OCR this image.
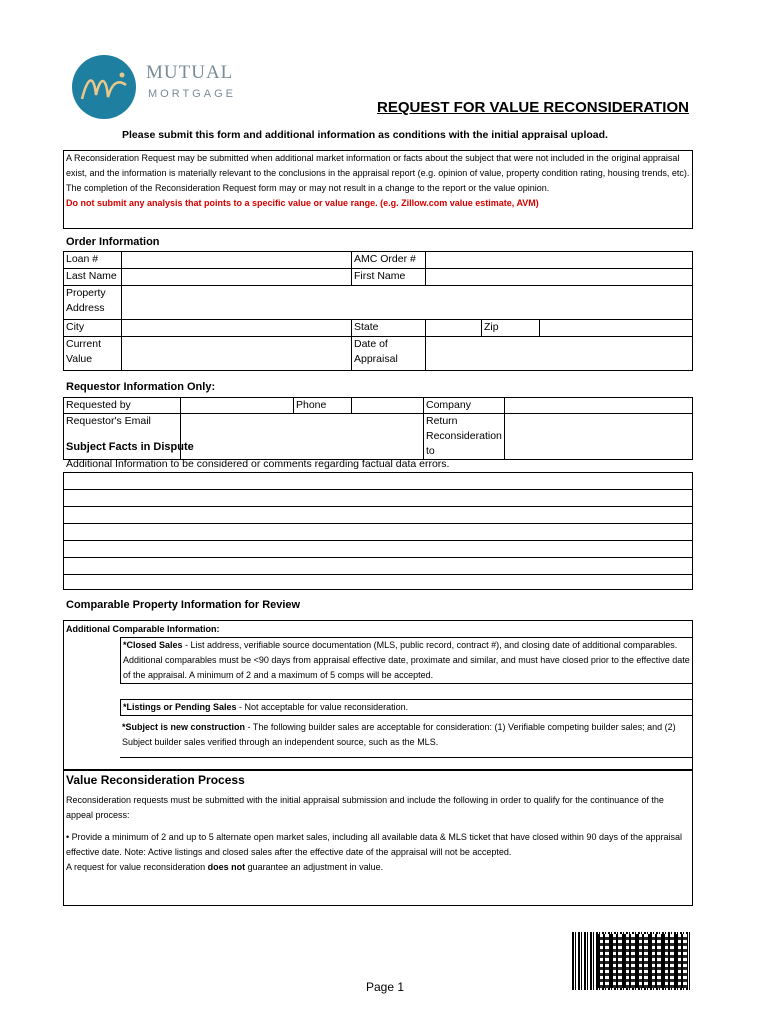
MUTUAL
MORTGAGE
REQUEST FOR VALUE RECONSIDERATION
Please submit this form and additional information as conditions with the initial appraisal upload.
A Reconsideration Request may be submitted when additional market information or facts about the subject that were not included in the original appraisal exist, and the information is materially relevant to the conclusions in the appraisal report (e.g. opinion of value, property condition rating, housing trends, etc). The completion of the Reconsideration Request form may or may not result in a change to the report or the value opinion.
Do not submit any analysis that points to a specific value or value range. (e.g. Zillow.com value estimate, AVM)
Order Information
Loan #		AMC Order #			
Last Name		First Name			
Property Address					
City		State		Zip	
Current Value		Date of Appraisal			
Requestor Information Only:
Requested by		Phone		Company	
Requestor's Email				Return Reconsideration to	
Subject Facts in Dispute
Additional Information to be considered or comments regarding factual data errors.
Comparable Property Information for Review
Additional Comparable Information:
*Closed Sales - List address, verifiable source documentation (MLS, public record, contract #), and closing date of additional comparables. Additional comparables must be <90 days from appraisal effective date, proximate and similar, and must have closed prior to the effective date of the appraisal. A minimum of 2 and a maximum of 5 comps will be accepted.
*Listings or Pending Sales - Not acceptable for value reconsideration.
*Subject is new construction - The following builder sales are acceptable for consideration: (1) Verifiable competing builder sales; and (2) Subject builder sales verified through an independent source, such as the MLS.
Value Reconsideration Process
Reconsideration requests must be submitted with the initial appraisal submission and include the following in order to qualify for the continuance of the appeal process:
• Provide a minimum of 2 and up to 5 alternate open market sales, including all available data & MLS ticket that have closed within 90 days of the appraisal effective date. Note: Active listings and closed sales after the effective date of the appraisal will not be accepted.
A request for value reconsideration does not guarantee an adjustment in value.
Page 1
